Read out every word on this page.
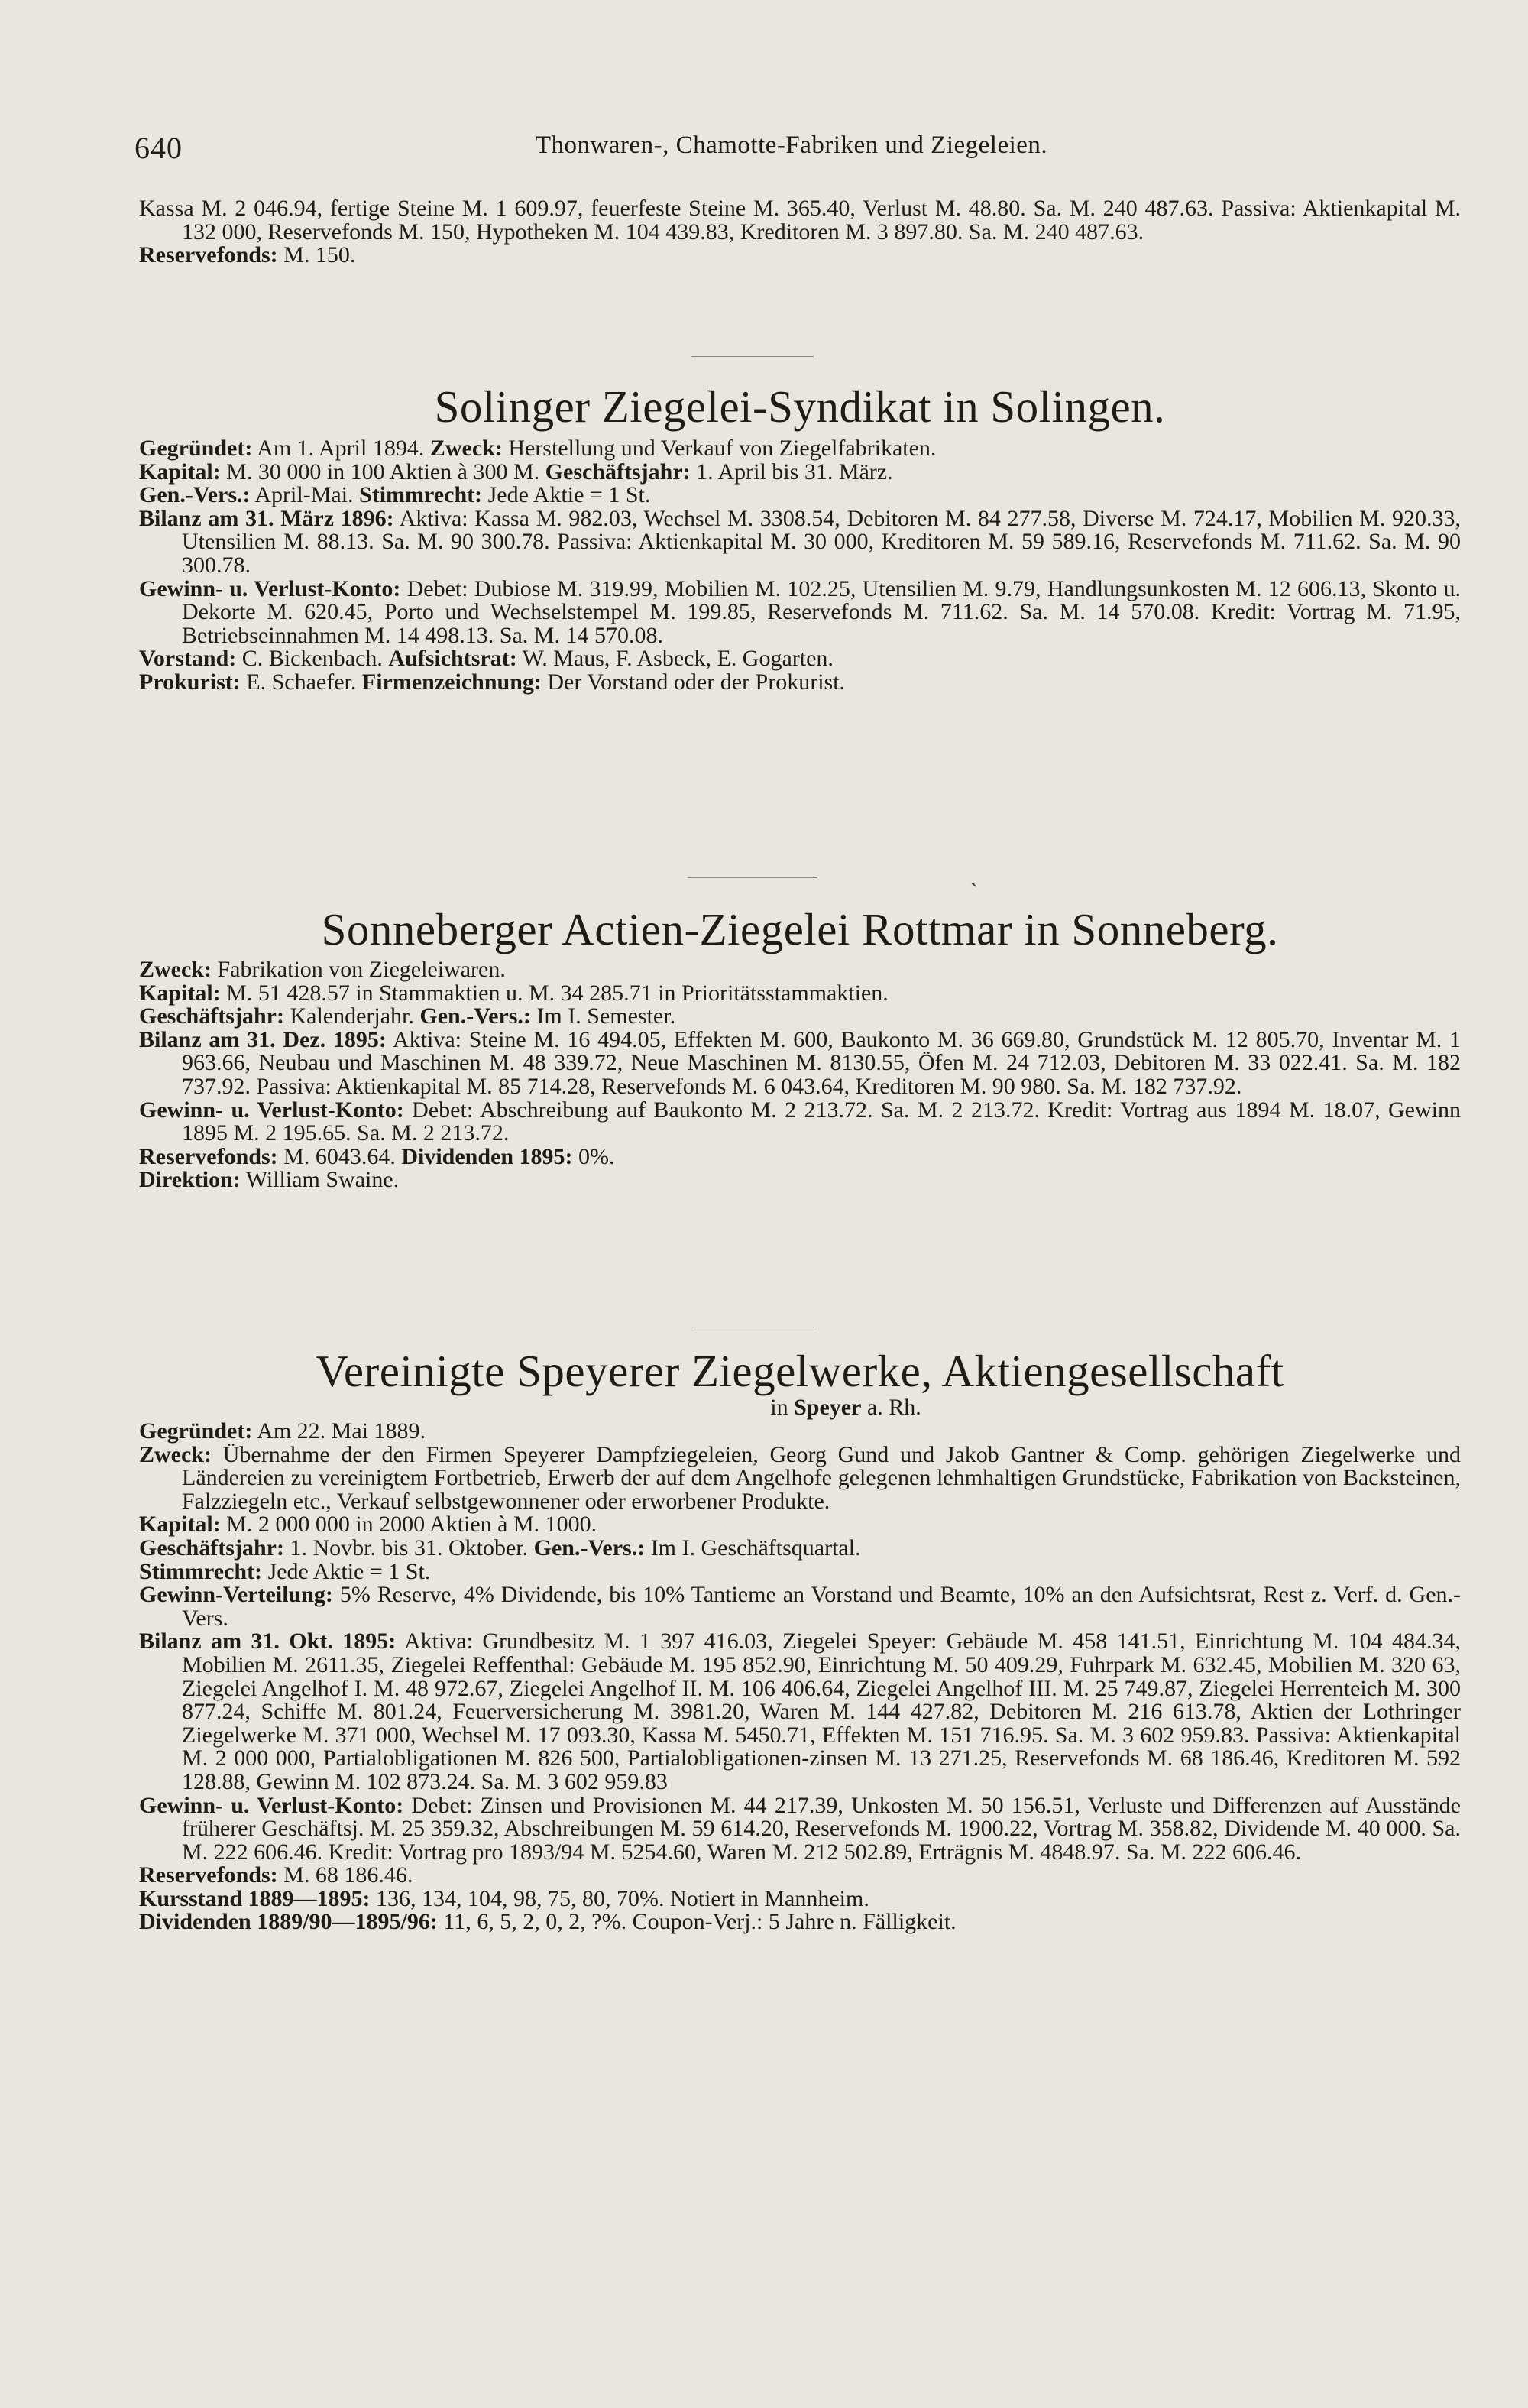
640	Thonwaren-, Chamotte-Fabriken und Ziegeleien.

Kassa M. 2 046.94, fertige Steine M. 1 609.97, feuerfeste Steine M. 365.40, Verlust M. 48.80. Sa. M. 240 487.63. Passiva: Aktienkapital M. 132 000, Reservefonds M. 150, Hypotheken M. 104 439.83, Kreditoren M. 3 897.80. Sa. M. 240 487.63.

Reservefonds: M. 150.

Solinger Ziegelei-Syndikat in Solingen.

Gegründet: Am 1. April 1894. Zweck: Herstellung und Verkauf von Ziegelfabrikaten.

Kapital: M. 30 000 in 100 Aktien à 300 M. Geschäftsjahr: 1. April bis 31. März.

Gen.-Vers.: April-Mai. Stimmrecht: Jede Aktie = 1 St.

Bilanz am 31. März 1896: Aktiva: Kassa M. 982.03, Wechsel M. 3308.54, Debitoren M. 84 277.58, Diverse M. 724.17, Mobilien M. 920.33, Utensilien M. 88.13. Sa. M. 90 300.78. Passiva: Aktienkapital M. 30 000, Kreditoren M. 59 589.16, Reservefonds M. 711.62. Sa. M. 90 300.78.

Gewinn- u. Verlust-Konto: Debet: Dubiose M. 319.99, Mobilien M. 102.25, Utensilien M. 9.79, Handlungsunkosten M. 12 606.13, Skonto u. Dekorte M. 620.45, Porto und Wechselstempel M. 199.85, Reservefonds M. 711.62. Sa. M. 14 570.08. Kredit: Vortrag M. 71.95, Betriebseinnahmen M. 14 498.13. Sa. M. 14 570.08.

Vorstand: C. Bickenbach. Aufsichtsrat: W. Maus, F. Asbeck, E. Gogarten.

Prokurist: E. Schaefer. Firmenzeichnung: Der Vorstand oder der Prokurist.

ˏ
Sonneberger Actien-Ziegelei Rottmar in Sonneberg.

Zweck: Fabrikation von Ziegeleiwaren.

Kapital: M. 51 428.57 in Stammaktien u. M. 34 285.71 in Prioritätsstammaktien.

Geschäftsjahr: Kalenderjahr. Gen.-Vers.: Im I. Semester.

Bilanz am 31. Dez. 1895: Aktiva: Steine M. 16 494.05, Effekten M. 600, Baukonto M. 36 669.80, Grundstück M. 12 805.70, Inventar M. 1 963.66, Neubau und Maschinen M. 48 339.72, Neue Maschinen M. 8130.55, Öfen M. 24 712.03, Debitoren M. 33 022.41. Sa. M. 182 737.92. Passiva: Aktienkapital M. 85 714.28, Reservefonds M. 6 043.64, Kreditoren M. 90 980. Sa. M. 182 737.92.

Gewinn- u. Verlust-Konto: Debet: Abschreibung auf Baukonto M. 2 213.72. Sa. M. 2 213.72. Kredit: Vortrag aus 1894 M. 18.07, Gewinn 1895 M. 2 195.65. Sa. M. 2 213.72.

Reservefonds: M. 6043.64. Dividenden 1895: 0%.

Direktion: William Swaine.

Vereinigte Speyerer Ziegelwerke, Aktiengesellschaft
in Speyer a. Rh.

Gegründet: Am 22. Mai 1889.

Zweck: Übernahme der den Firmen Speyerer Dampfziegeleien, Georg Gund und Jakob Gantner & Comp. gehörigen Ziegelwerke und Ländereien zu vereinigtem Fortbetrieb, Erwerb der auf dem Angelhofe gelegenen lehmhaltigen Grundstücke, Fabrikation von Backsteinen, Falzziegeln etc., Verkauf selbstgewonnener oder erworbener Produkte.

Kapital: M. 2 000 000 in 2000 Aktien à M. 1000.

Geschäftsjahr: 1. Novbr. bis 31. Oktober. Gen.-Vers.: Im I. Geschäftsquartal.

Stimmrecht: Jede Aktie = 1 St.

Gewinn-Verteilung: 5% Reserve, 4% Dividende, bis 10% Tantieme an Vorstand und Beamte, 10% an den Aufsichtsrat, Rest z. Verf. d. Gen.-Vers.

Bilanz am 31. Okt. 1895: Aktiva: Grundbesitz M. 1 397 416.03, Ziegelei Speyer: Gebäude M. 458 141.51, Einrichtung M. 104 484.34, Mobilien M. 2611.35, Ziegelei Reffenthal: Gebäude M. 195 852.90, Einrichtung M. 50 409.29, Fuhrpark M. 632.45, Mobilien M. 320 63, Ziegelei Angelhof I. M. 48 972.67, Ziegelei Angelhof II. M. 106 406.64, Ziegelei Angelhof III. M. 25 749.87, Ziegelei Herrenteich M. 300 877.24, Schiffe M. 801.24, Feuerversicherung M. 3981.20, Waren M. 144 427.82, Debitoren M. 216 613.78, Aktien der Lothringer Ziegelwerke M. 371 000, Wechsel M. 17 093.30, Kassa M. 5450.71, Effekten M. 151 716.95. Sa. M. 3 602 959.83. Passiva: Aktienkapital M. 2 000 000, Partialobligationen M. 826 500, Partialobligationen-zinsen M. 13 271.25, Reservefonds M. 68 186.46, Kreditoren M. 592 128.88, Gewinn M. 102 873.24. Sa. M. 3 602 959.83

Gewinn- u. Verlust-Konto: Debet: Zinsen und Provisionen M. 44 217.39, Unkosten M. 50 156.51, Verluste und Differenzen auf Ausstände früherer Geschäftsj. M. 25 359.32, Abschreibungen M. 59 614.20, Reservefonds M. 1900.22, Vortrag M. 358.82, Dividende M. 40 000. Sa. M. 222 606.46. Kredit: Vortrag pro 1893/94 M. 5254.60, Waren M. 212 502.89, Erträgnis M. 4848.97. Sa. M. 222 606.46.

Reservefonds: M. 68 186.46.

Kursstand 1889—1895: 136, 134, 104, 98, 75, 80, 70%. Notiert in Mannheim.

Dividenden 1889/90—1895/96: 11, 6, 5, 2, 0, 2, ?%. Coupon-Verj.: 5 Jahre n. Fälligkeit.
